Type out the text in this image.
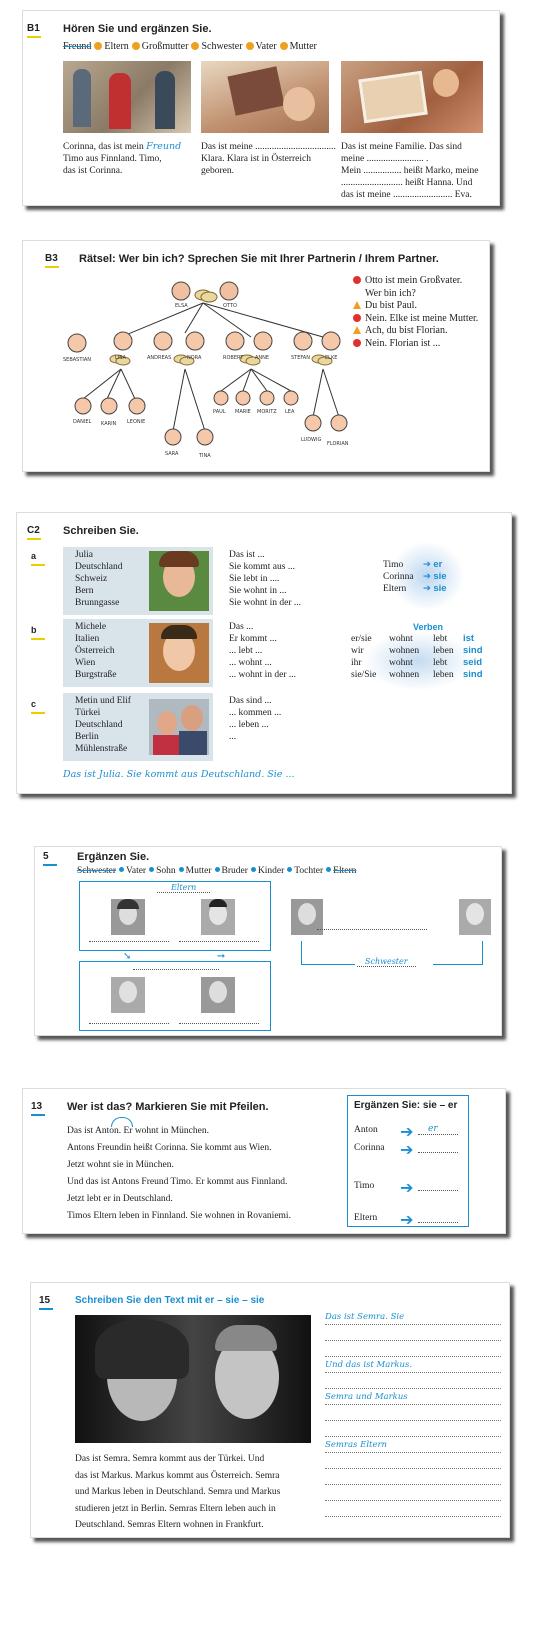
B1 Hören Sie und ergänzen Sie.
Freund Eltern Großmutter Schwester Vater Mutter
Corinna, das ist mein Freund
Timo aus Finnland. Timo,
das ist Corinna.
Das ist meine ..................................
Klara. Klara ist in Österreich
geboren.
Das ist meine Familie. Das sind
meine ........................ .
Mein ................ heißt Marko, meine
.......................... heißt Hanna. Und
das ist meine ......................... Eva.
B3 Rätsel: Wer bin ich? Sprechen Sie mit Ihrer Partnerin / Ihrem Partner.
ELSA	OTTO
SEBASTIAN	LISA	ANDREAS	NORA	ROBERT ANNE	STEFAN	ELKE
DANIEL KARIN LEONIE
PAUL MARIE MORITZ LEA
SARA	TINA
LUDWIG
FLORIAN
Otto ist mein Großvater.
Wer bin ich?
Du bist Paul.
Nein. Elke ist meine Mutter.
Ach, du bist Florian.
Nein. Florian ist ...
C2 Schreiben Sie.
a	Julia
Deutschland
Schweiz
Bern
Brunngasse
Das ist ...
Sie kommt aus ...
Sie lebt in ....
Sie wohnt in ...
Sie wohnt in der ...
Timo ➔ er
Corinna ➔ sie
Eltern ➔ sie
b	Michele
Italien
Österreich
Wien
Burgstraße
Das ...
Er kommt ...
... lebt ...
... wohnt ...
... wohnt in der ...
Verben
er/sie wohnt lebt ist
wir	wohnen leben sind
ihr	wohnt lebt seid
sie/Sie wohnen leben sind
c	Metin und Elif
Türkei
Deutschland
Berlin
Mühlenstraße
Das sind ...
... kommen ...
... leben ...
...
Das ist Julia. Sie kommt aus Deutschland. Sie ...
5	Ergänzen Sie.
Schwester Vater Sohn Mutter Bruder Kinder Tochter Eltern
Eltern
➘	➙	Schwester
13 Wer ist das? Markieren Sie mit Pfeilen.
Das ist Anton. Er wohnt in München.
Antons Freundin heißt Corinna. Sie kommt aus Wien.
Jetzt wohnt sie in München.
Und das ist Antons Freund Timo. Er kommt aus Finnland.
Jetzt lebt er in Deutschland.
Timos Eltern leben in Finnland. Sie wohnen in Rovaniemi.
Ergänzen Sie: sie – er
Anton ➔	er
Corinna ➔
Timo ➔
Eltern ➔
15 Schreiben Sie den Text mit er – sie – sie
Das ist Semra. Semra kommt aus der Türkei. Und
das ist Markus. Markus kommt aus Österreich. Semra
und Markus leben in Deutschland. Semra und Markus
studieren jetzt in Berlin. Semras Eltern leben auch in
Deutschland. Semras Eltern wohnen in Frankfurt.
Das ist Semra. Sie
Und das ist Markus.
Semra und Markus
Semras Eltern
